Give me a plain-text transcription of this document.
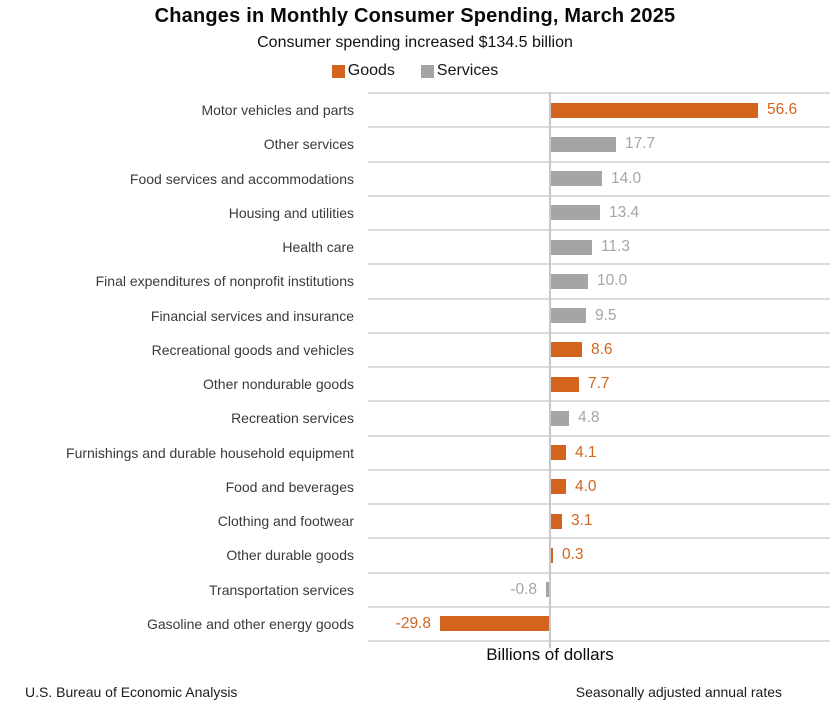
Changes in Monthly Consumer Spending, March 2025
Consumer spending increased $134.5 billion
Goods	Services
Motor vehicles and parts
Other services
Food services and accommodations
Housing and utilities
Health care
Final expenditures of nonprofit institutions
Financial services and insurance
Recreational goods and vehicles
Other nondurable goods
Recreation services
Furnishings and durable household equipment
Food and beverages
Clothing and footwear
Other durable goods
Transportation services
Gasoline and other energy goods
56.6
17.7
14.0
13.4
11.3
10.0
9.5
8.6
7.7
4.8
4.1
4.0
3.1
0.3
-0.8
-29.8
Billions of dollars
U.S. Bureau of Economic Analysis	Seasonally adjusted annual rates
